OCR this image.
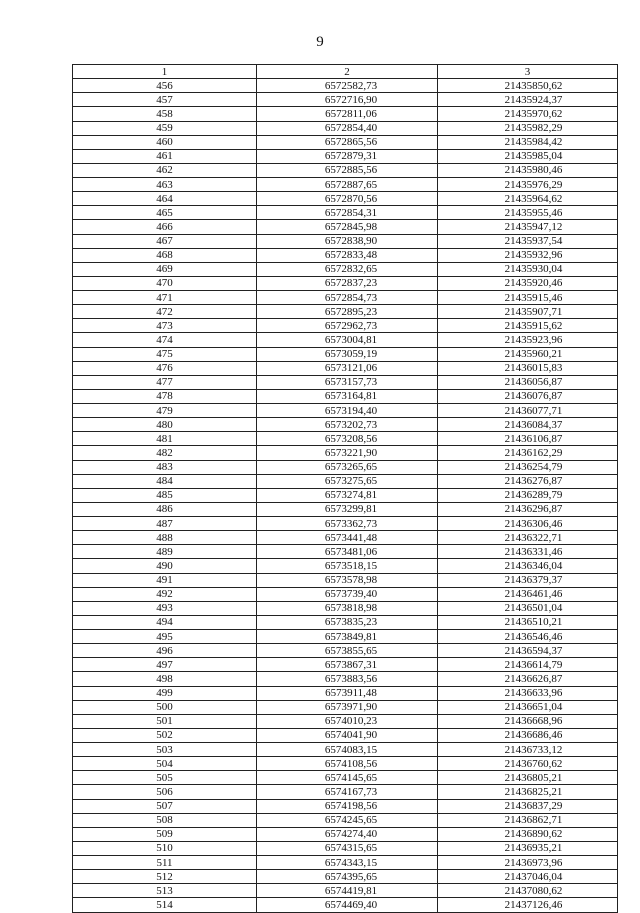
9
1	2	3
456	6572582,73	21435850,62
457	6572716,90	21435924,37
458	6572811,06	21435970,62
459	6572854,40	21435982,29
460	6572865,56	21435984,42
461	6572879,31	21435985,04
462	6572885,56	21435980,46
463	6572887,65	21435976,29
464	6572870,56	21435964,62
465	6572854,31	21435955,46
466	6572845,98	21435947,12
467	6572838,90	21435937,54
468	6572833,48	21435932,96
469	6572832,65	21435930,04
470	6572837,23	21435920,46
471	6572854,73	21435915,46
472	6572895,23	21435907,71
473	6572962,73	21435915,62
474	6573004,81	21435923,96
475	6573059,19	21435960,21
476	6573121,06	21436015,83
477	6573157,73	21436056,87
478	6573164,81	21436076,87
479	6573194,40	21436077,71
480	6573202,73	21436084,37
481	6573208,56	21436106,87
482	6573221,90	21436162,29
483	6573265,65	21436254,79
484	6573275,65	21436276,87
485	6573274,81	21436289,79
486	6573299,81	21436296,87
487	6573362,73	21436306,46
488	6573441,48	21436322,71
489	6573481,06	21436331,46
490	6573518,15	21436346,04
491	6573578,98	21436379,37
492	6573739,40	21436461,46
493	6573818,98	21436501,04
494	6573835,23	21436510,21
495	6573849,81	21436546,46
496	6573855,65	21436594,37
497	6573867,31	21436614,79
498	6573883,56	21436626,87
499	6573911,48	21436633,96
500	6573971,90	21436651,04
501	6574010,23	21436668,96
502	6574041,90	21436686,46
503	6574083,15	21436733,12
504	6574108,56	21436760,62
505	6574145,65	21436805,21
506	6574167,73	21436825,21
507	6574198,56	21436837,29
508	6574245,65	21436862,71
509	6574274,40	21436890,62
510	6574315,65	21436935,21
511	6574343,15	21436973,96
512	6574395,65	21437046,04
513	6574419,81	21437080,62
514	6574469,40	21437126,46
